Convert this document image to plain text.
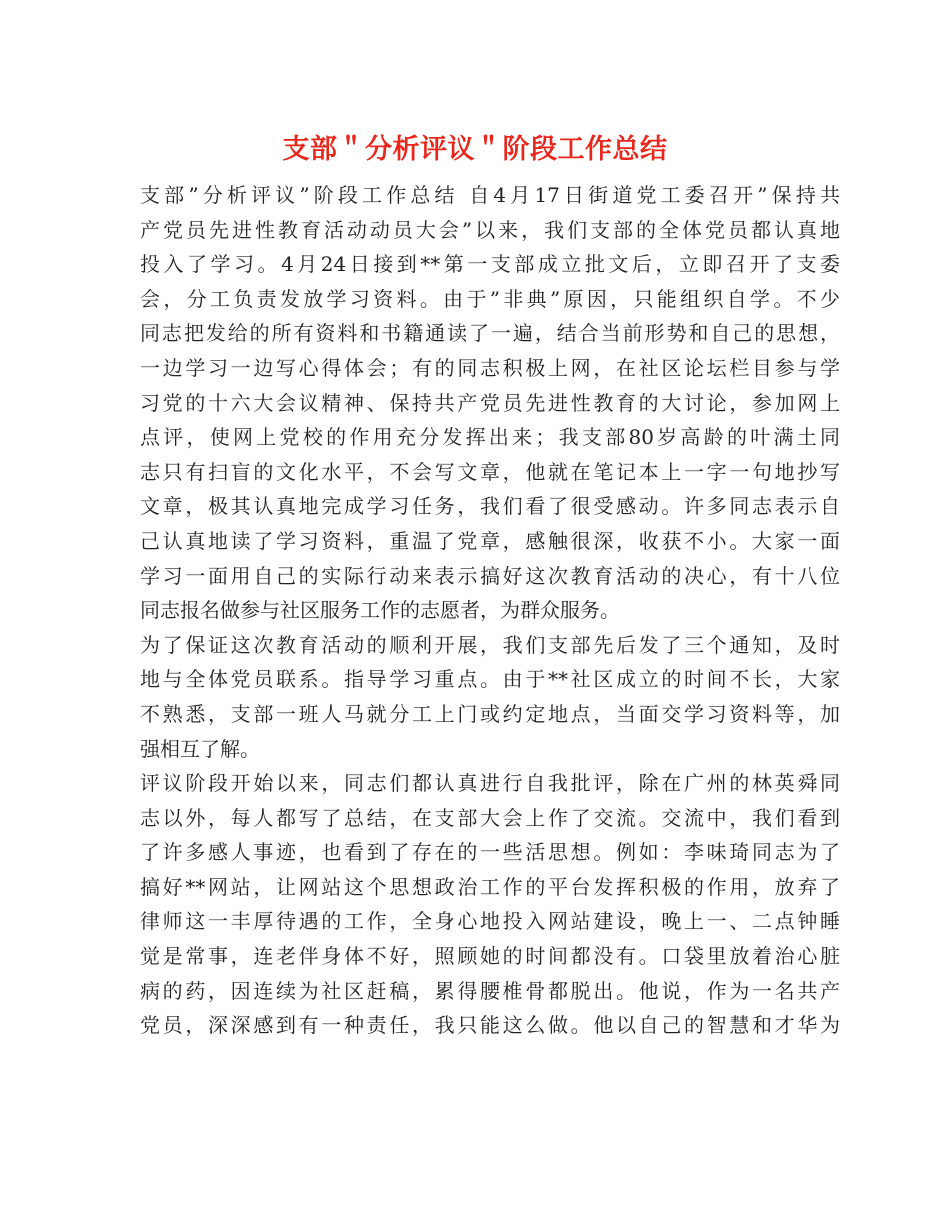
支部＂分析评议＂阶段工作总结
支部”分析评议”阶段工作总结 自4月17日街道党工委召开”保持共
产党员先进性教育活动动员大会”以来，我们支部的全体党员都认真地
投入了学习。4月24日接到**第一支部成立批文后，立即召开了支委
会，分工负责发放学习资料。由于”非典”原因，只能组织自学。不少
同志把发给的所有资料和书籍通读了一遍，结合当前形势和自己的思想，
一边学习一边写心得体会；有的同志积极上网，在社区论坛栏目参与学
习党的十六大会议精神、保持共产党员先进性教育的大讨论，参加网上
点评，使网上党校的作用充分发挥出来；我支部80岁高龄的叶满土同
志只有扫盲的文化水平，不会写文章，他就在笔记本上一字一句地抄写
文章，极其认真地完成学习任务，我们看了很受感动。许多同志表示自
己认真地读了学习资料，重温了党章，感触很深，收获不小。大家一面
学习一面用自己的实际行动来表示搞好这次教育活动的决心，有十八位
同志报名做参与社区服务工作的志愿者，为群众服务。
为了保证这次教育活动的顺利开展，我们支部先后发了三个通知，及时
地与全体党员联系。指导学习重点。由于**社区成立的时间不长，大家
不熟悉，支部一班人马就分工上门或约定地点，当面交学习资料等，加
强相互了解。
评议阶段开始以来，同志们都认真进行自我批评，除在广州的林英舜同
志以外，每人都写了总结，在支部大会上作了交流。交流中，我们看到
了许多感人事迹，也看到了存在的一些活思想。例如：李味琦同志为了
搞好**网站，让网站这个思想政治工作的平台发挥积极的作用，放弃了
律师这一丰厚待遇的工作，全身心地投入网站建设，晚上一、二点钟睡
觉是常事，连老伴身体不好，照顾她的时间都没有。口袋里放着治心脏
病的药，因连续为社区赶稿，累得腰椎骨都脱出。他说，作为一名共产
党员，深深感到有一种责任，我只能这么做。他以自己的智慧和才华为
